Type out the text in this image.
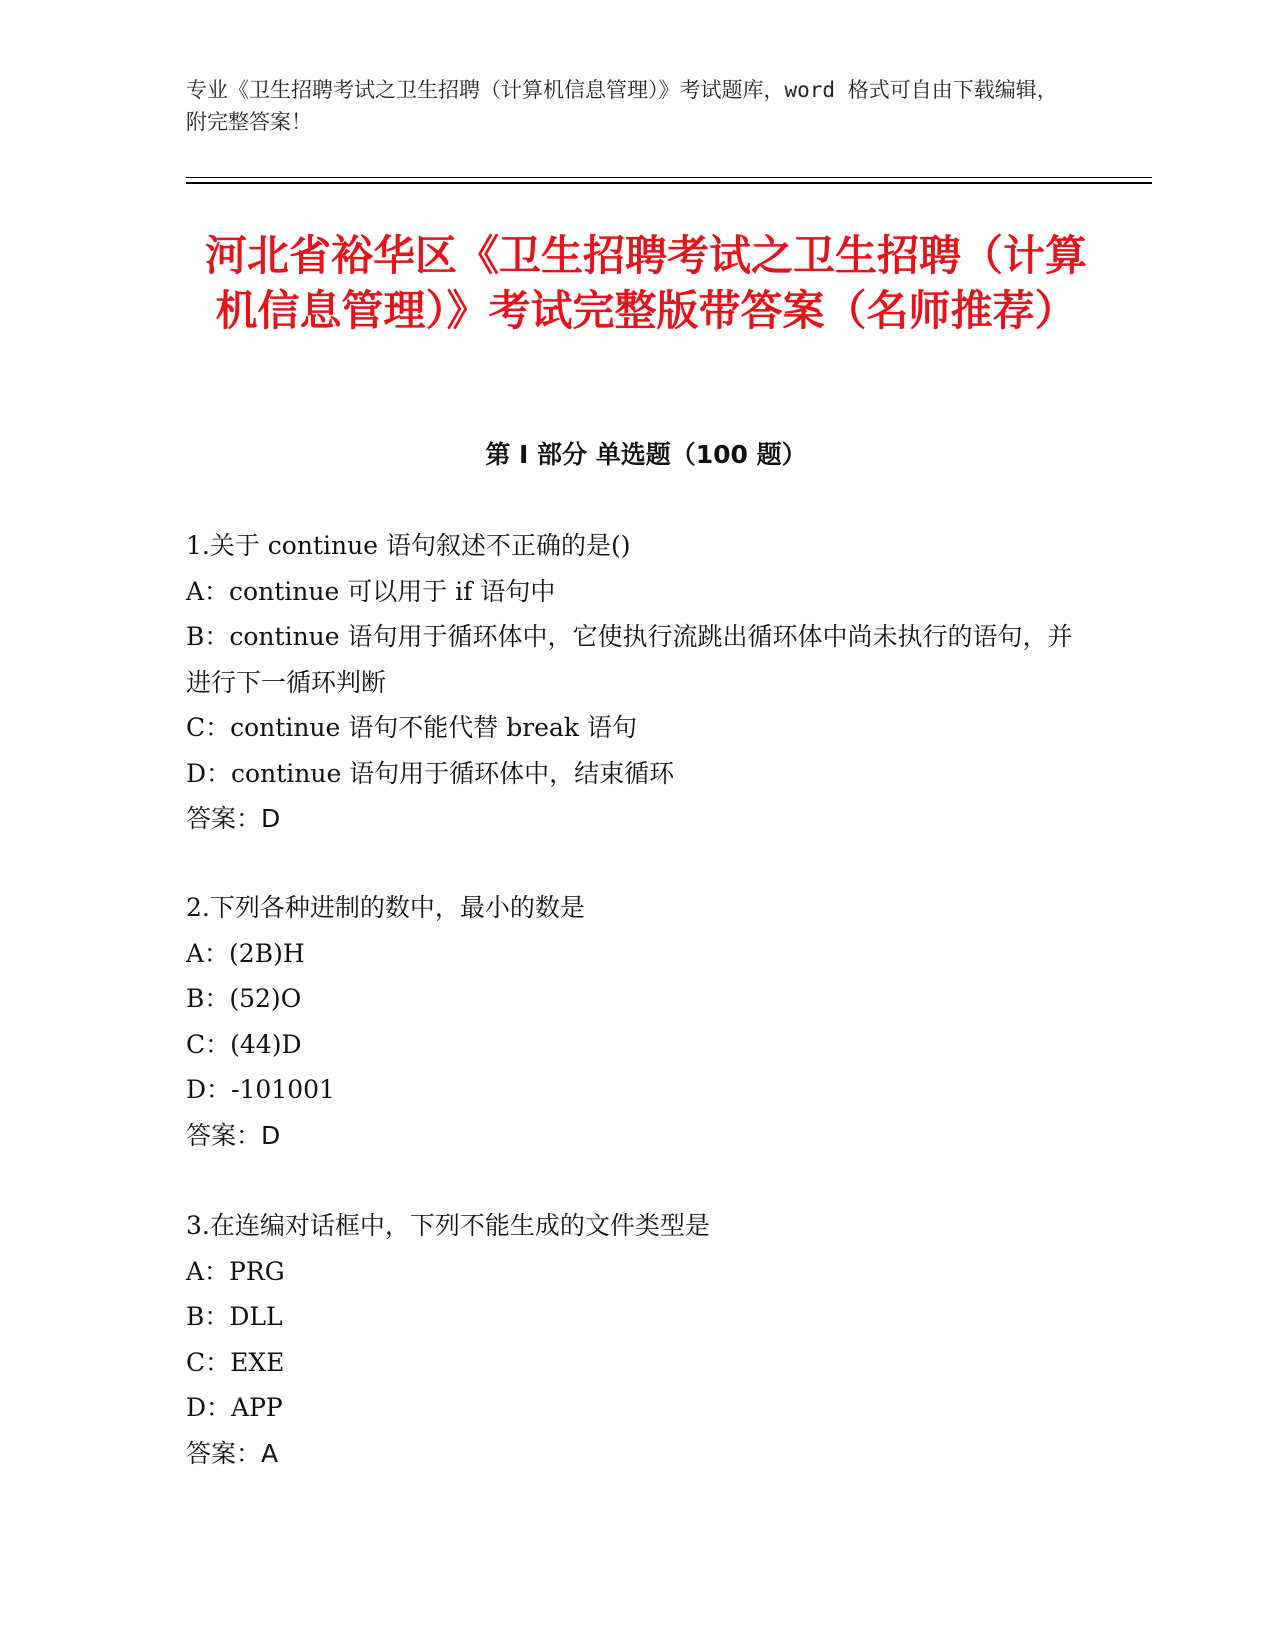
专业《卫生招聘考试之卫生招聘（计算机信息管理）》考试题库，word 格式可自由下载编辑，附完整答案！
河北省裕华区《卫生招聘考试之卫生招聘（计算机信息管理）》考试完整版带答案（名师推荐）
第 I 部分 单选题（100 题）
1.关于 continue 语句叙述不正确的是()
A：continue 可以用于 if 语句中
B：continue 语句用于循环体中，它使执行流跳出循环体中尚未执行的语句，并进行下一循环判断
C：continue 语句不能代替 break 语句
D：continue 语句用于循环体中，结束循环
答案：D
2.下列各种进制的数中，最小的数是
A：(2B)H
B：(52)O
C：(44)D
D：-101001
答案：D
3.在连编对话框中，下列不能生成的文件类型是
A：PRG
B：DLL
C：EXE
D：APP
答案：A
